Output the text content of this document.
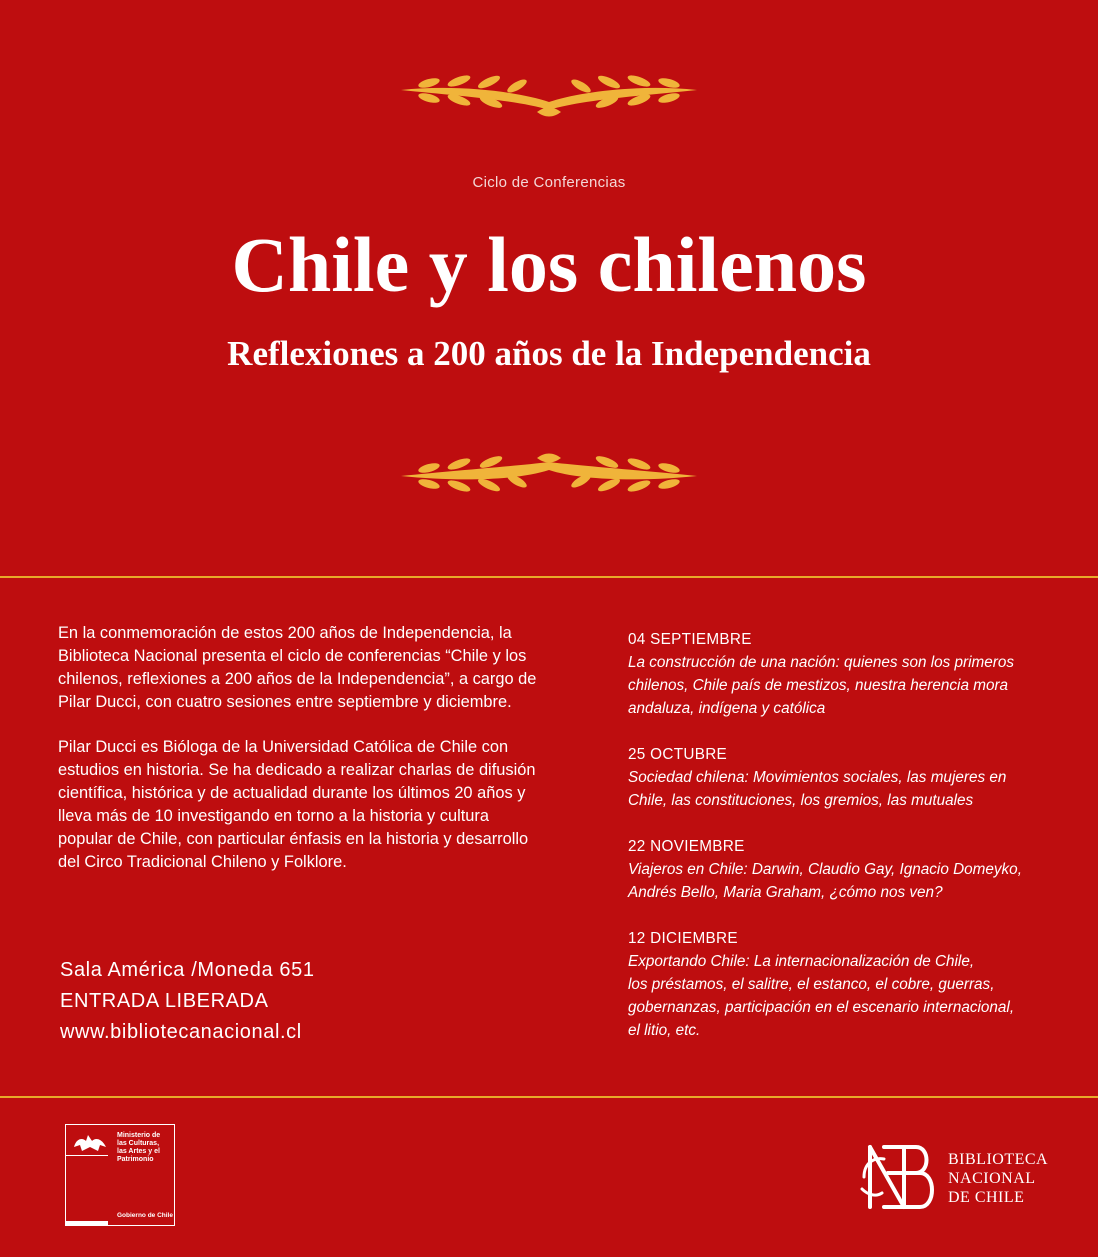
Ciclo de Conferencias
Chile y los chilenos
Reflexiones a 200 años de la Independencia

En la conmemoración de estos 200 años de Independencia, la Biblioteca Nacional presenta el ciclo de conferencias “Chile y los chilenos, reflexiones a 200 años de la Independencia”, a cargo de Pilar Ducci, con cuatro sesiones entre septiembre y diciembre.

Pilar Ducci es Bióloga de la Universidad Católica de Chile con estudios en historia. Se ha dedicado a realizar charlas de difusión científica, histórica y de actualidad durante los últimos 20 años y lleva más de 10 investigando en torno a la historia y cultura popular de Chile, con particular énfasis en la historia y desarrollo del Circo Tradicional Chileno y Folklore.

Sala América /Moneda 651
ENTRADA LIBERADA
www.bibliotecanacional.cl
04 SEPTIEMBRE
La construcción de una nación: quienes son los primeros
chilenos, Chile país de mestizos, nuestra herencia mora
andaluza, indígena y católica
25 OCTUBRE
Sociedad chilena: Movimientos sociales, las mujeres en
Chile, las constituciones, los gremios, las mutuales
22 NOVIEMBRE
Viajeros en Chile: Darwin, Claudio Gay, Ignacio Domeyko,
Andrés Bello, Maria Graham, ¿cómo nos ven?
12 DICIEMBRE
Exportando Chile: La internacionalización de Chile,
los préstamos, el salitre, el estanco, el cobre, guerras,
gobernanzas, participación en el escenario internacional,
el litio, etc.
Ministerio de
las Culturas,
las Artes y el
Patrimonio
Gobierno de Chile
BIBLIOTECA
NACIONAL
DE CHILE
